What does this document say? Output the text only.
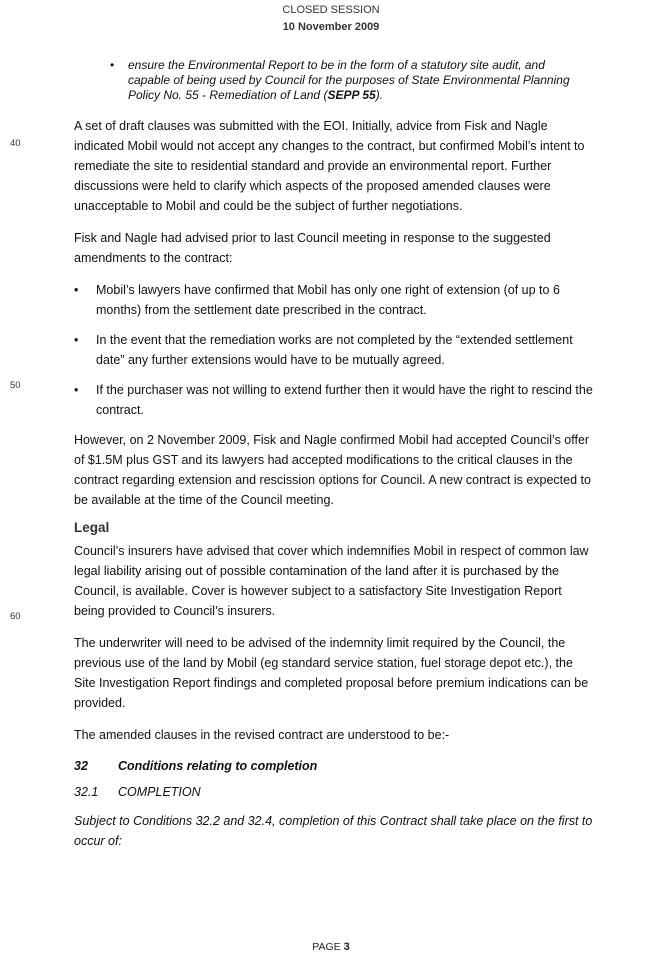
CLOSED SESSION
10 November 2009
40
50
60
• ensure the Environmental Report to be in the form of a statutory site audit, and capable of being used by Council for the purposes of State Environmental Planning Policy No. 55 - Remediation of Land (SEPP 55).

A set of draft clauses was submitted with the EOI. Initially, advice from Fisk and Nagle indicated Mobil would not accept any changes to the contract, but confirmed Mobil’s intent to remediate the site to residential standard and provide an environmental report. Further discussions were held to clarify which aspects of the proposed amended clauses were unacceptable to Mobil and could be the subject of further negotiations.

Fisk and Nagle had advised prior to last Council meeting in response to the suggested amendments to the contract:

• Mobil’s lawyers have confirmed that Mobil has only one right of extension (of up to 6 months) from the settlement date prescribed in the contract.
• In the event that the remediation works are not completed by the “extended settlement date” any further extensions would have to be mutually agreed.
• If the purchaser was not willing to extend further then it would have the right to rescind the contract.

However, on 2 November 2009, Fisk and Nagle confirmed Mobil had accepted Council’s offer of $1.5M plus GST and its lawyers had accepted modifications to the critical clauses in the contract regarding extension and rescission options for Council. A new contract is expected to be available at the time of the Council meeting.

Legal

Council’s insurers have advised that cover which indemnifies Mobil in respect of common law legal liability arising out of possible contamination of the land after it is purchased by the Council, is available. Cover is however subject to a satisfactory Site Investigation Report being provided to Council’s insurers.

The underwriter will need to be advised of the indemnity limit required by the Council, the previous use of the land by Mobil (eg standard service station, fuel storage depot etc.), the Site Investigation Report findings and completed proposal before premium indications can be provided.

The amended clauses in the revised contract are understood to be:-

32 Conditions relating to completion

32.1 COMPLETION

Subject to Conditions 32.2 and 32.4, completion of this Contract shall take place on the first to occur of:

PAGE 3
